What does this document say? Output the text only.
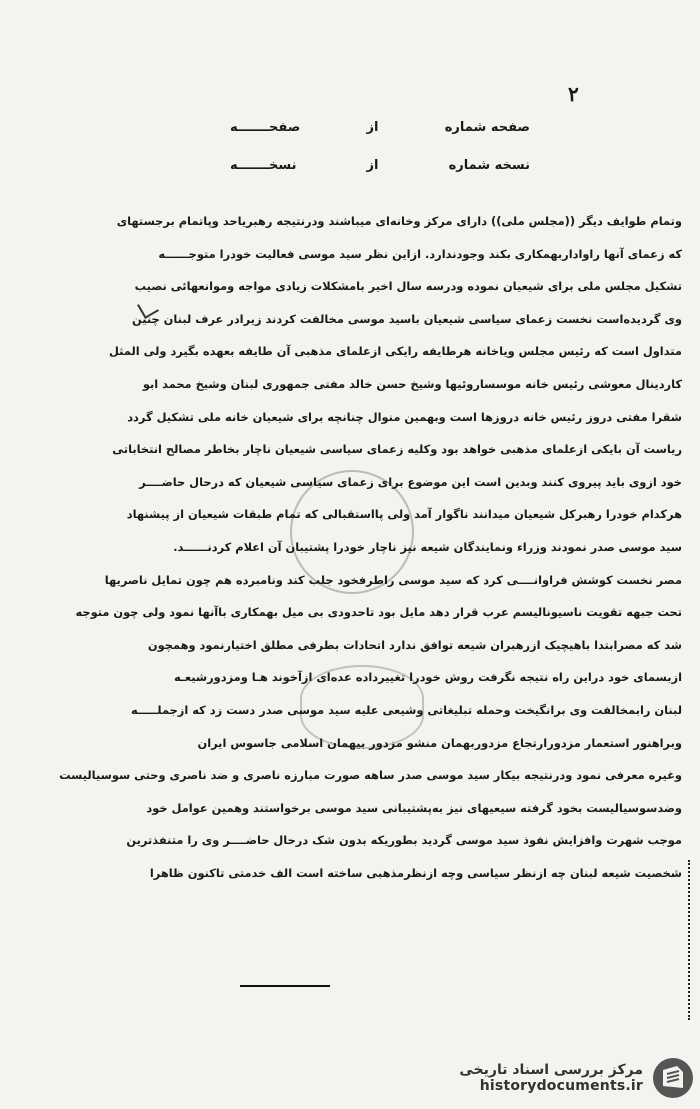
۲
صفحه شماره
از
صفحـــــــه
نسخه شماره
از
نسخـــــــه
وتمام طوایف دیگر ((مجلس ملی)) دارای مرکز وخانه‌ای میباشند ودرنتیجه رهبریاحد وپاتمام برجستهای
که زعمای آنها راواداربهمکاری بکند وجودندارد. ازاین نظر سید موسی فعالیت خودرا متوجــــــه
تشکیل مجلس ملی برای شیعیان نموده ودرسه سال اخیر بامشکلات زیادی مواجه وموانعهائی نصیب
وی گردیده‌است نخست زعمای سیاسی شیعیان باسید موسی مخالفت کردند زیرادر عرف لبنان چنین
متداول است که رئیس مجلس ویاخانه هرطایفه رایکی ازعلمای مذهبی آن طایفه بعهده بگیرد ولی المثل
کاردینال معوشی رئیس خانه موسساروئیها وشیخ حسن خالد مفتی جمهوری لبنان وشیخ محمد ابو
شقرا مفتی دروز رئیس خانه دروزها است وبهمین منوال چنانچه برای شیعیان خانه ملی تشکیل گردد
ریاست آن بایکی ازعلمای مذهبی خواهد بود وکلیه زعمای سیاسی شیعیان ناچار بخاطر مصالح انتخاباتی
خود ازوی باید پیروی کنند وبدین است این موضوع برای زعمای سیاسی شیعیان که درحال حاضــــر
هرکدام خودرا رهبرکل شیعیان میدانند ناگوار آمد ولی پااستقبالی که تمام طبقات شیعیان از پیشنهاد
سید موسی صدر نمودند وزراء ونمایندگان شیعه نیز ناچار خودرا پشتیبان آن اعلام کردنــــــد.
مصر نخست کوشش فراوانــــی کرد که سید موسی راطرفخود جلب کند ونامبرده هم چون تمایل ناصریها
تحت جبهه تقویت ناسیونالیسم عرب قرار دهد مایل بود تاحدودی بی میل بهمکاری باآنها نمود ولی چون متوجه
شد که مصرابتدا باهیچیک ازرهبران شیعه توافق ندارد اتحادات بطرفی مطلق اختیارنمود وهمچون
ازبسمای خود دراین راه نتیجه نگرفت روش خودرا تغییرداده عده‌ای ازآخوند هـا ومزدورشیعـه
لبنان رابمخالفت وی برانگیخت وحمله تبلیغاتی وشیعی علیه سید موسی صدر دست زد که ازجملـــــه
وبراهنور استعمار مزدورارتجاع مزدوربهمان منشو مزدور بیهمان اسلامی جاسوس ایران
وغیره معرفی نمود ودرنتیجه بیکار سید موسی صدر ساهه صورت مبارزه ناصری و ضد ناصری وحتی سوسیالیست
وضدسوسیالیست بخود گرفته سیعیهای نیز به‌پشتیبانی سید موسی برخواستند وهمین عوامل خود
موجب شهرت وافزایش نفوذ سید موسی گردید بطوریکه بدون شک درحال حاضــــر وی را متنفذترین
شخصیت شیعه لبنان چه ازنظر سیاسی وچه ازنظرمذهبی ساخته است الف خدمتی تاکنون ظاهرا
مرکز بررسی اسناد تاریخی
historydocuments.ir
